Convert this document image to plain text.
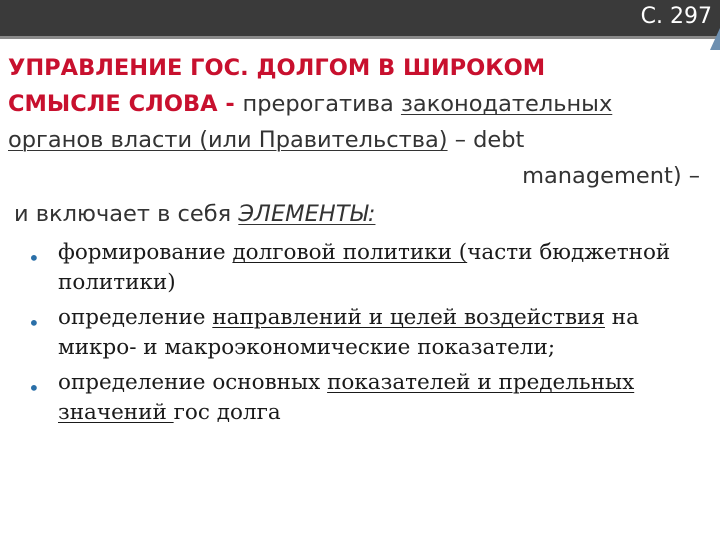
С. 297
УПРАВЛЕНИЕ ГОС. ДОЛГОМ В ШИРОКОМ
СМЫСЛЕ СЛОВА - прерогатива законодательных
органов власти (или Правительства) – debt
management) –
и включает в себя ЭЛЕМЕНТЫ:
• формирование долговой политики (части бюджетной политики)
• определение направлений и целей воздействия на микро- и макроэкономические показатели;
• определение основных показателей и предельных значений гос долга
